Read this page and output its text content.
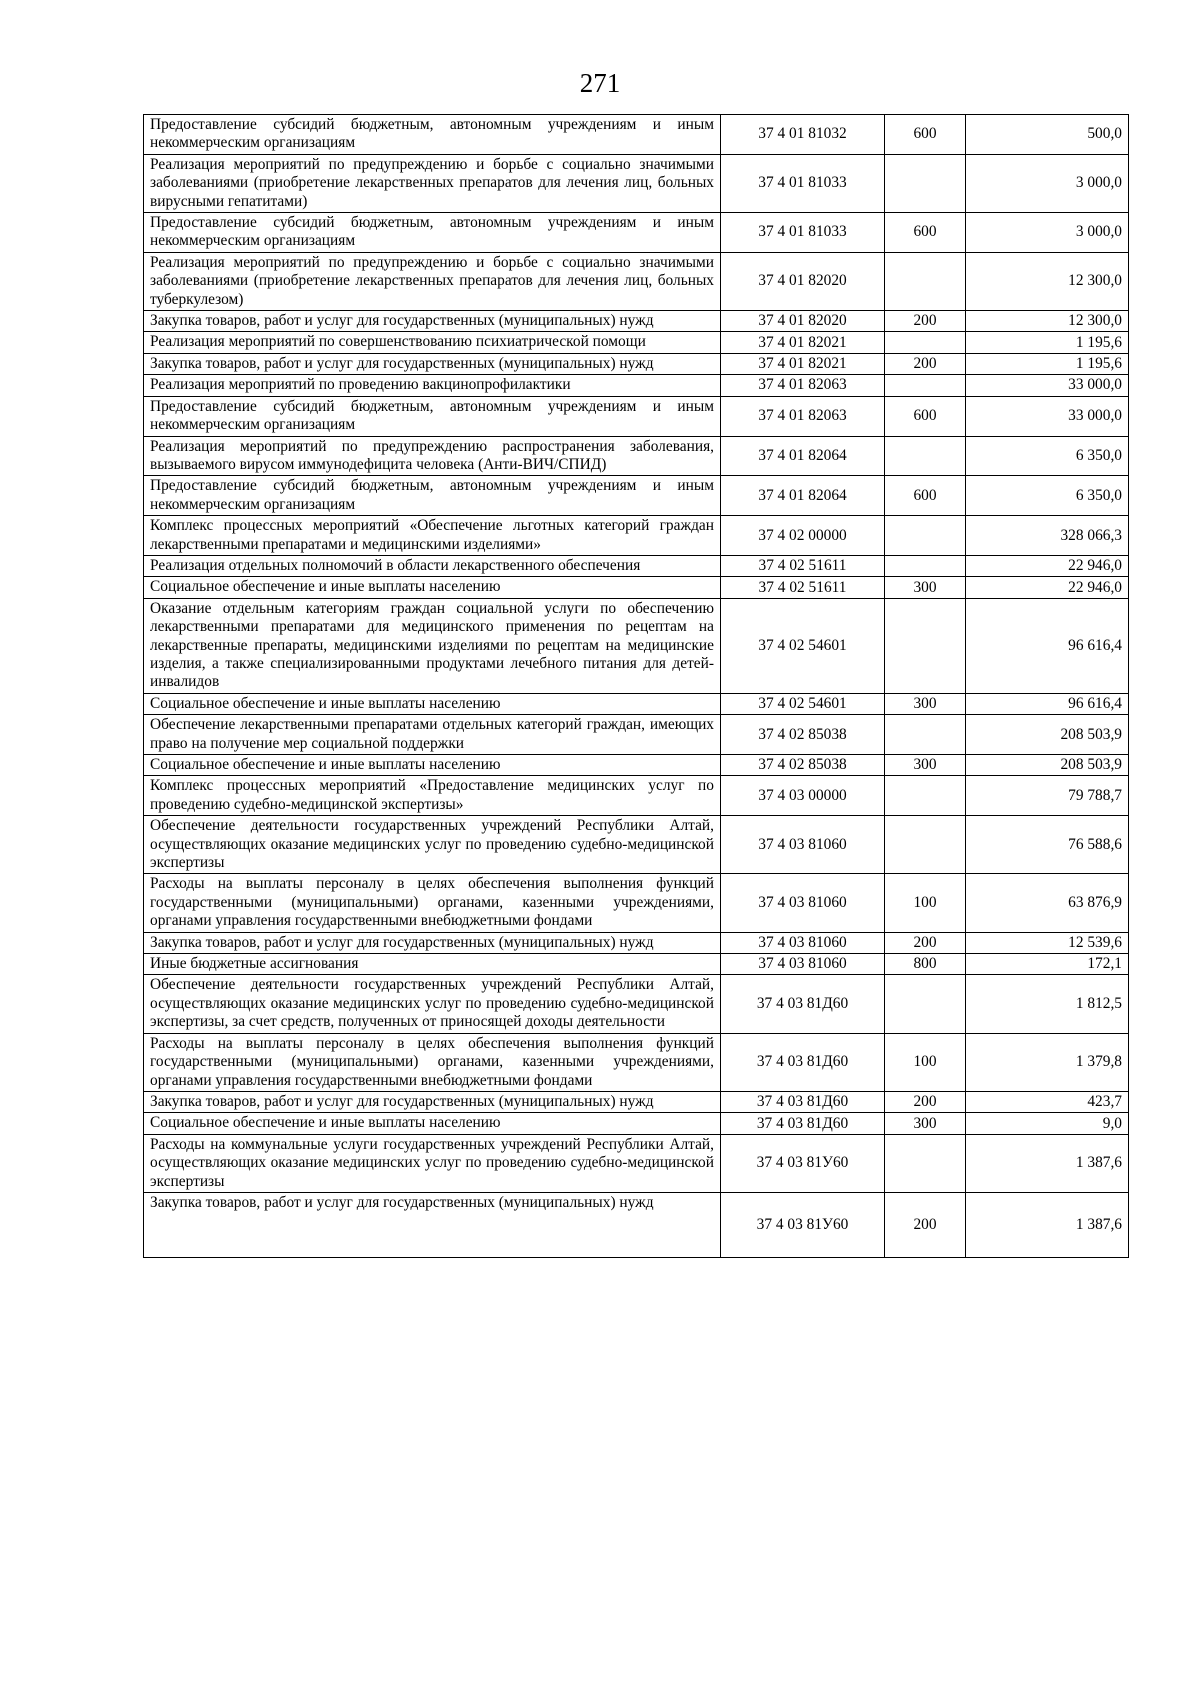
271
Предоставление субсидий бюджетным, автономным учреждениям и иным некоммерческим организациям	37 4 01 81032	600	500,0
Реализация мероприятий по предупреждению и борьбе с социально значимыми заболеваниями (приобретение лекарственных препаратов для лечения лиц, больных вирусными гепатитами)	37 4 01 81033		3 000,0
Предоставление субсидий бюджетным, автономным учреждениям и иным некоммерческим организациям	37 4 01 81033	600	3 000,0
Реализация мероприятий по предупреждению и борьбе с социально значимыми заболеваниями (приобретение лекарственных препаратов для лечения лиц, больных туберкулезом)	37 4 01 82020		12 300,0
Закупка товаров, работ и услуг для государственных (муниципальных) нужд	37 4 01 82020	200	12 300,0
Реализация мероприятий по совершенствованию психиатрической помощи	37 4 01 82021		1 195,6
Закупка товаров, работ и услуг для государственных (муниципальных) нужд	37 4 01 82021	200	1 195,6
Реализация мероприятий по проведению вакцинопрофилактики	37 4 01 82063		33 000,0
Предоставление субсидий бюджетным, автономным учреждениям и иным некоммерческим организациям	37 4 01 82063	600	33 000,0
Реализация мероприятий по предупреждению распространения заболевания, вызываемого вирусом иммунодефицита человека (Анти-ВИЧ/СПИД)	37 4 01 82064		6 350,0
Предоставление субсидий бюджетным, автономным учреждениям и иным некоммерческим организациям	37 4 01 82064	600	6 350,0
Комплекс процессных мероприятий «Обеспечение льготных категорий граждан лекарственными препаратами и медицинскими изделиями»	37 4 02 00000		328 066,3
Реализация отдельных полномочий в области лекарственного обеспечения	37 4 02 51611		22 946,0
Социальное обеспечение и иные выплаты населению	37 4 02 51611	300	22 946,0
Оказание отдельным категориям граждан социальной услуги по обеспечению лекарственными препаратами для медицинского применения по рецептам на лекарственные препараты, медицинскими изделиями по рецептам на медицинские изделия, а также специализированными продуктами лечебного питания для детей-инвалидов	37 4 02 54601		96 616,4
Социальное обеспечение и иные выплаты населению	37 4 02 54601	300	96 616,4
Обеспечение лекарственными препаратами отдельных категорий граждан, имеющих право на получение мер социальной поддержки	37 4 02 85038		208 503,9
Социальное обеспечение и иные выплаты населению	37 4 02 85038	300	208 503,9
Комплекс процессных мероприятий «Предоставление медицинских услуг по проведению судебно-медицинской экспертизы»	37 4 03 00000		79 788,7
Обеспечение деятельности государственных учреждений Республики Алтай, осуществляющих оказание медицинских услуг по проведению судебно-медицинской экспертизы	37 4 03 81060		76 588,6
Расходы на выплаты персоналу в целях обеспечения выполнения функций государственными (муниципальными) органами, казенными учреждениями, органами управления государственными внебюджетными фондами	37 4 03 81060	100	63 876,9
Закупка товаров, работ и услуг для государственных (муниципальных) нужд	37 4 03 81060	200	12 539,6
Иные бюджетные ассигнования	37 4 03 81060	800	172,1
Обеспечение деятельности государственных учреждений Республики Алтай, осуществляющих оказание медицинских услуг по проведению судебно-медицинской экспертизы, за счет средств, полученных от приносящей доходы деятельности	37 4 03 81Д60		1 812,5
Расходы на выплаты персоналу в целях обеспечения выполнения функций государственными (муниципальными) органами, казенными учреждениями, органами управления государственными внебюджетными фондами	37 4 03 81Д60	100	1 379,8
Закупка товаров, работ и услуг для государственных (муниципальных) нужд	37 4 03 81Д60	200	423,7
Социальное обеспечение и иные выплаты населению	37 4 03 81Д60	300	9,0
Расходы на коммунальные услуги государственных учреждений Республики Алтай, осуществляющих оказание медицинских услуг по проведению судебно-медицинской экспертизы	37 4 03 81У60		1 387,6
Закупка товаров, работ и услуг для государственных (муниципальных) нужд	37 4 03 81У60	200	1 387,6
